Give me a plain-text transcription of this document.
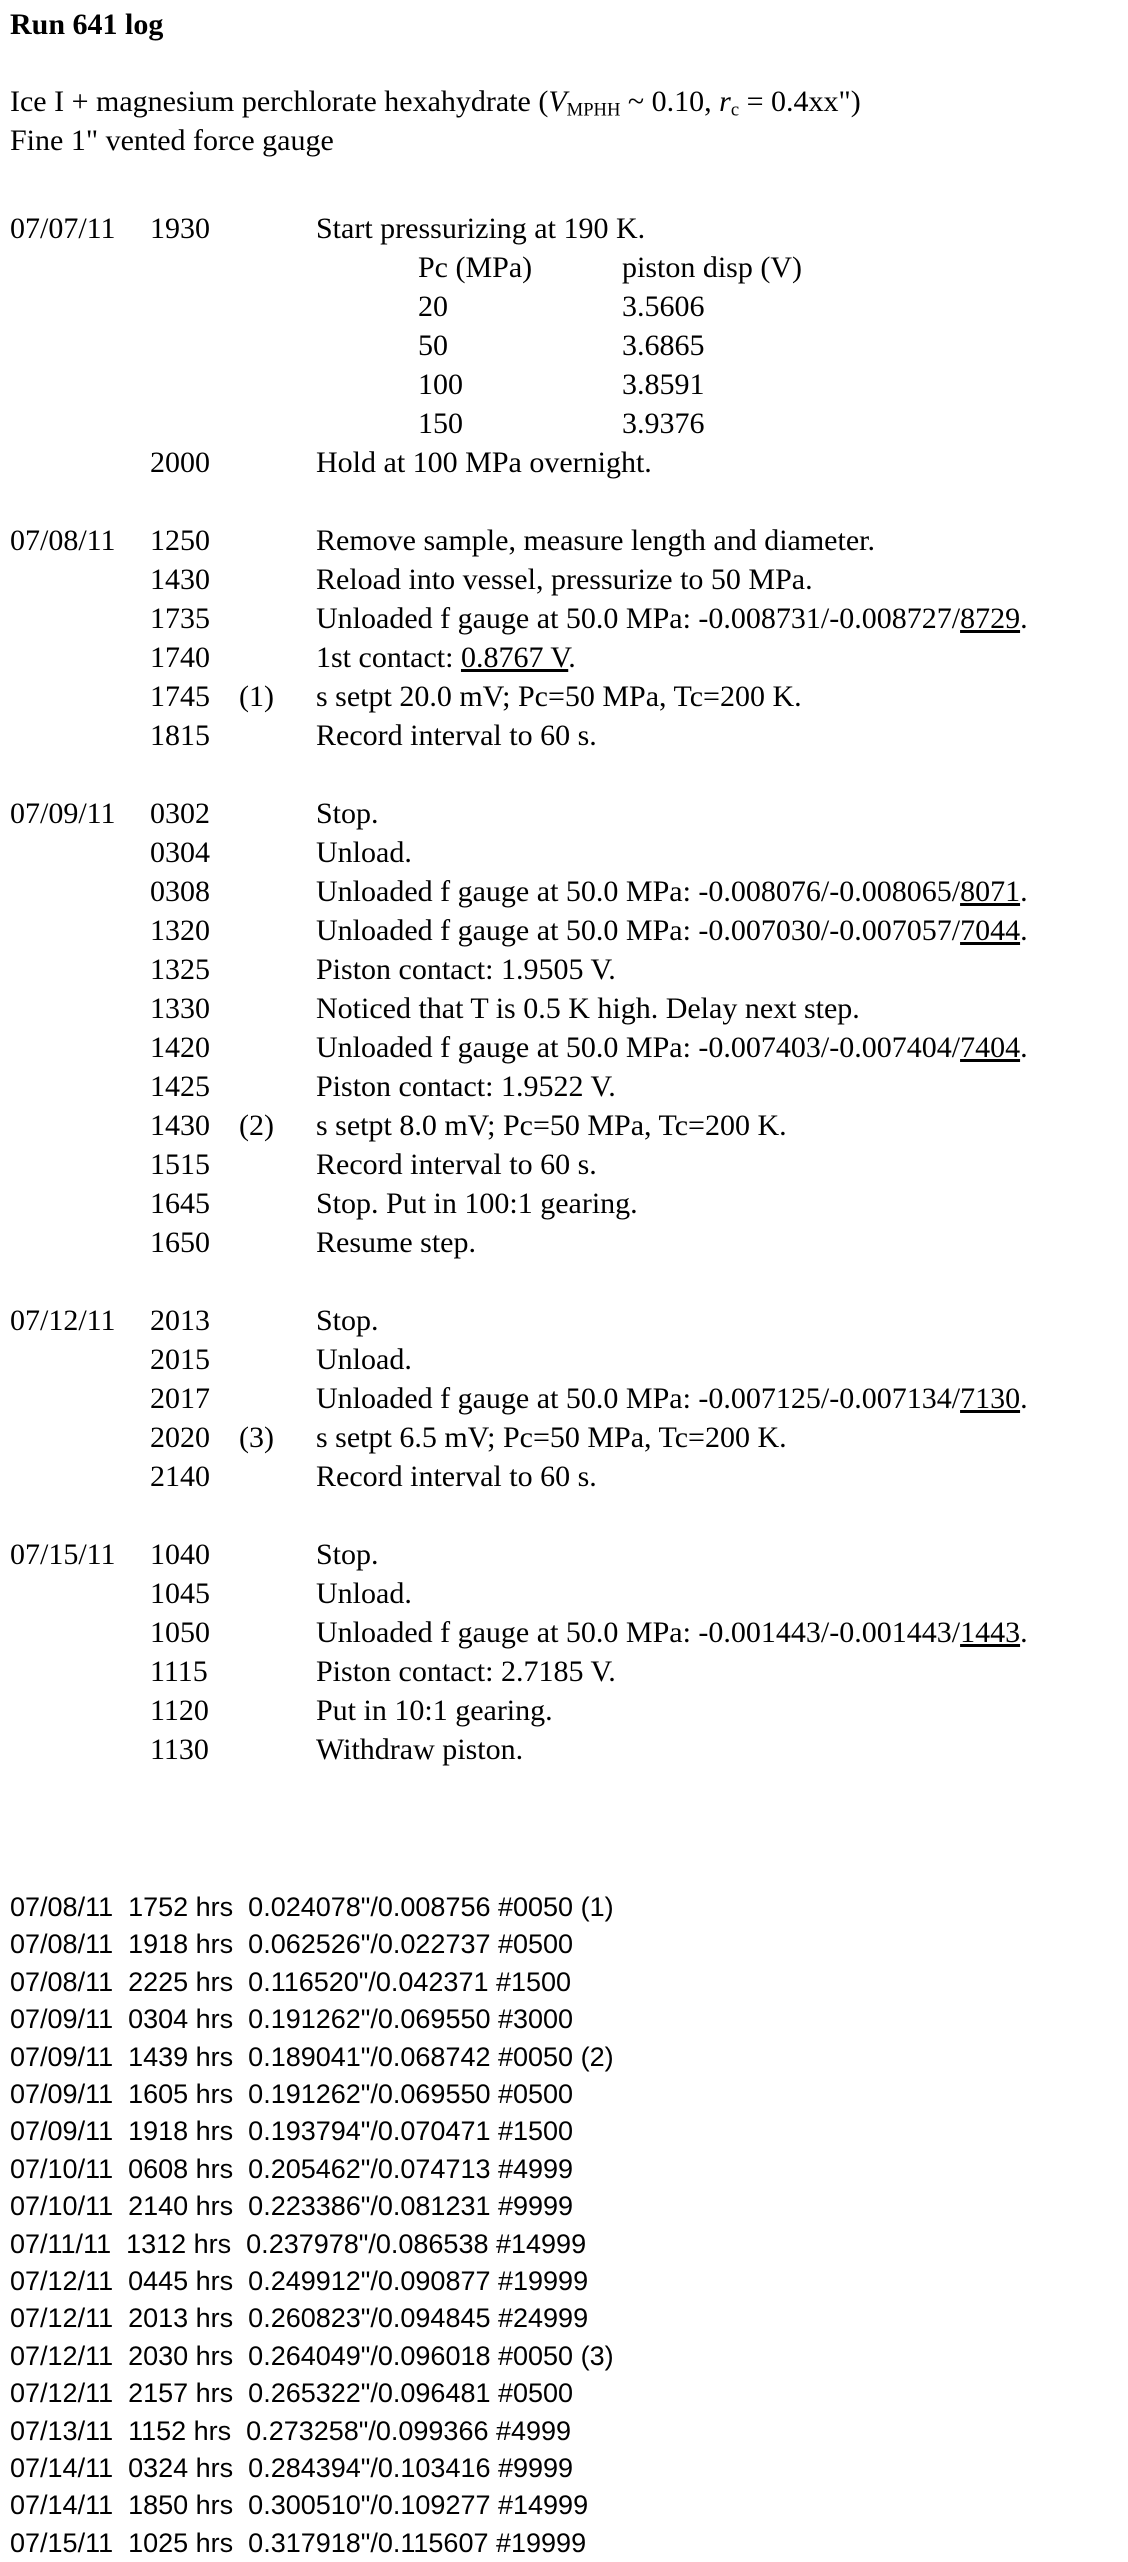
Run 641 log
Ice I + magnesium perchlorate hexahydrate ($V_{MPHH}$ ~ 0.10, $r_c$ = 0.4xx")
Fine 1" vented force gauge
07/07/11 1930	Start pressurizing at 190 K.
2000	Hold at 100 MPa overnight.
07/08/11 1250	Remove sample, measure length and diameter.
1430	Reload into vessel, pressurize to 50 MPa.
1735	Unloaded f gauge at 50.0 MPa: -0.008731/-0.008727/8729.
1740	1st contact: 0.8767 V.
1745 (1) s setpt 20.0 mV; Pc=50 MPa, Tc=200 K.
1815	Record interval to 60 s.
07/09/11 0302	Stop.
0304	Unload.
0308	Unloaded f gauge at 50.0 MPa: -0.008076/-0.008065/8071.
1320	Unloaded f gauge at 50.0 MPa: -0.007030/-0.007057/7044.
1325	Piston contact: 1.9505 V.
1330	Noticed that T is 0.5 K high. Delay next step.
1420	Unloaded f gauge at 50.0 MPa: -0.007403/-0.007404/7404.
1425	Piston contact: 1.9522 V.
1430 (2) s setpt 8.0 mV; Pc=50 MPa, Tc=200 K.
1515	Record interval to 60 s.
1645	Stop. Put in 100:1 gearing.
1650	Resume step.
07/12/11 2013	Stop.
2015	Unload.
2017	Unloaded f gauge at 50.0 MPa: -0.007125/-0.007134/7130.
2020 (3) s setpt 6.5 mV; Pc=50 MPa, Tc=200 K.
2140	Record interval to 60 s.
07/15/11 1040	Stop.
1045	Unload.
1050	Unloaded f gauge at 50.0 MPa: -0.001443/-0.001443/1443.
1115	Piston contact: 2.7185 V.
1120	Put in 10:1 gearing.
1130	Withdraw piston.
Pc (MPa)	piston disp (V)
20	3.5606
50	3.6865
100	3.8591
150	3.9376
07/08/11  1752 hrs  0.024078"/0.008756 #0050 (1)
07/08/11  1918 hrs  0.062526"/0.022737 #0500
07/08/11  2225 hrs  0.116520"/0.042371 #1500
07/09/11  0304 hrs  0.191262"/0.069550 #3000
07/09/11  1439 hrs  0.189041"/0.068742 #0050 (2)
07/09/11  1605 hrs  0.191262"/0.069550 #0500
07/09/11  1918 hrs  0.193794"/0.070471 #1500
07/10/11  0608 hrs  0.205462"/0.074713 #4999
07/10/11  2140 hrs  0.223386"/0.081231 #9999
07/11/11  1312 hrs  0.237978"/0.086538 #14999
07/12/11  0445 hrs  0.249912"/0.090877 #19999
07/12/11  2013 hrs  0.260823"/0.094845 #24999
07/12/11  2030 hrs  0.264049"/0.096018 #0050 (3)
07/12/11  2157 hrs  0.265322"/0.096481 #0500
07/13/11  1152 hrs  0.273258"/0.099366 #4999
07/14/11  0324 hrs  0.284394"/0.103416 #9999
07/14/11  1850 hrs  0.300510"/0.109277 #14999
07/15/11  1025 hrs  0.317918"/0.115607 #19999
